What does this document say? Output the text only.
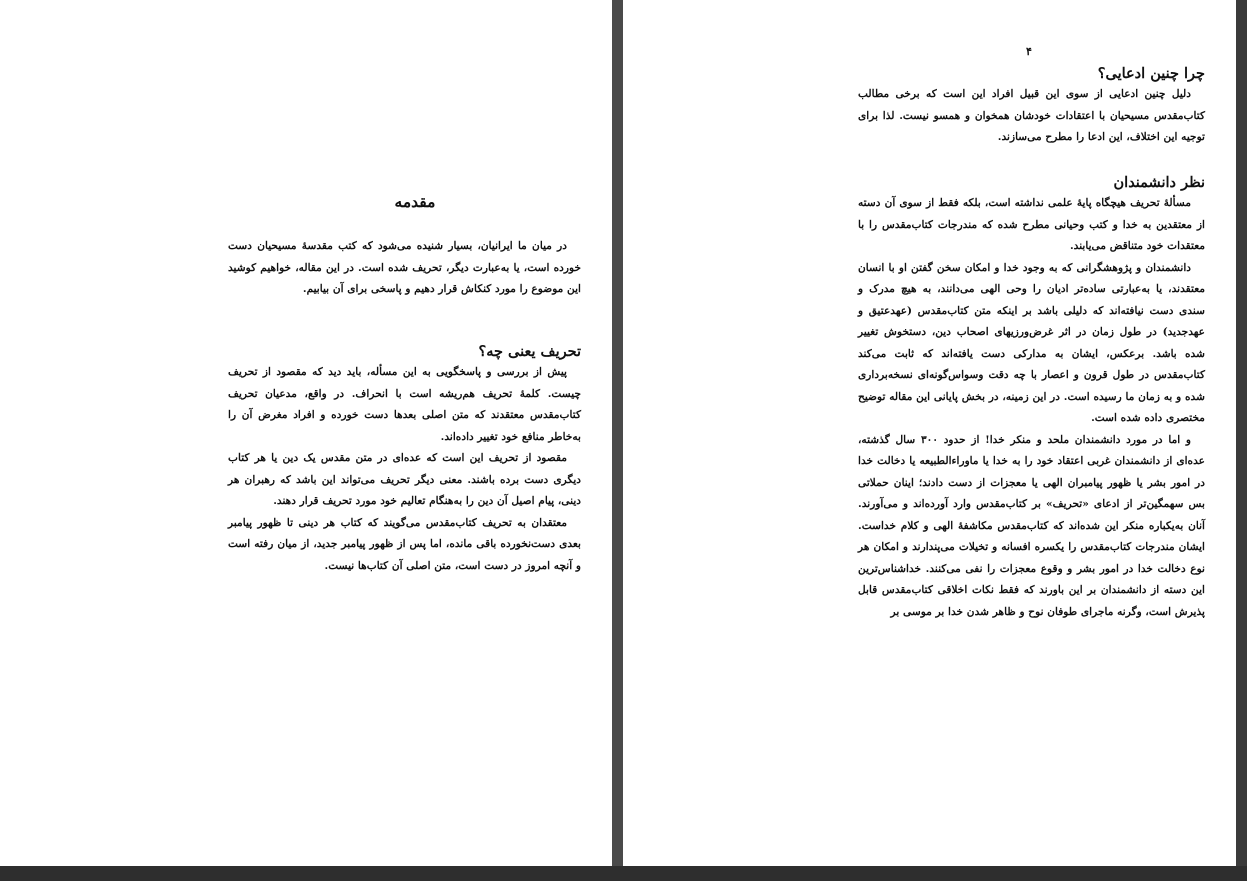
مقدمه

در میان ما ایرانیان، بسیار شنیده می‌شود که کتب مقدسهٔ مسیحیان دست خورده است، یا به‌عبارت دیگر، تحریف شده است. در این مقاله، خواهیم کوشید این موضوع را مورد کنکاش قرار دهیم و پاسخی برای آن بیابیم.

تحریف یعنی چه؟

پیش از بررسی و پاسخگویی به این مسأله، باید دید که مقصود از تحریف چیست. کلمهٔ تحریف هم‌ریشه است با انحراف. در واقع، مدعیان تحریف کتاب‌مقدس معتقدند که متن اصلی بعدها دست خورده و افراد مغرض آن را به‌خاطر منافع خود تغییر داده‌اند.

مقصود از تحریف این است که عده‌ای در متن مقدس یک دین یا هر کتاب دیگری دست برده باشند. معنی دیگر تحریف می‌تواند این باشد که رهبران هر دینی، پیام اصیل آن دین را به‌هنگام تعالیم خود مورد تحریف قرار دهند.

معتقدان به تحریف کتاب‌مقدس می‌گویند که کتاب هر دینی تا ظهور پیامبر بعدی دست‌نخورده باقی مانده، اما پس از ظهور پیامبر جدید، از میان رفته است و آنچه امروز در دست است، متن اصلی آن کتاب‌ها نیست.

۴
چرا چنین ادعایی؟

دلیل چنین ادعایی از سوی این قبیل افراد این است که برخی مطالب کتاب‌مقدس مسیحیان با اعتقادات خودشان همخوان و همسو نیست. لذا برای توجیه این اختلاف، این ادعا را مطرح می‌سازند.

نظر دانشمندان

مسألهٔ تحریف هیچگاه پایهٔ علمی نداشته است، بلکه فقط از سوی آن دسته از معتقدین به خدا و کتب وحیانی مطرح شده که مندرجات کتاب‌مقدس را با معتقدات خود متناقض می‌یابند.

دانشمندان و پژوهشگرانی که به وجود خدا و امکان سخن گفتن او با انسان معتقدند، یا به‌عبارتی ساده‌تر ادیان را وحی الهی می‌دانند، به هیچ مدرک و سندی دست نیافته‌اند که دلیلی باشد بر اینکه متن کتاب‌مقدس (عهدعتیق و عهدجدید) در طول زمان در اثر غرض‌ورزیهای اصحاب دین، دستخوش تغییر شده باشد. برعکس، ایشان به مدارکی دست یافته‌اند که ثابت می‌کند کتاب‌مقدس در طول قرون و اعصار با چه دقت وسواس‌گونه‌ای نسخه‌برداری شده و به زمان ما رسیده است. در این زمینه، در بخش پایانی این مقاله توضیح مختصری داده شده است.

و اما در مورد دانشمندان ملحد و منکر خدا! از حدود ۳۰۰ سال گذشته، عده‌ای از دانشمندان غربی اعتقاد خود را به خدا یا ماوراءالطبیعه یا دخالت خدا در امور بشر یا ظهور پیامبران الهی یا معجزات از دست دادند؛ اینان حملاتی بس سهمگین‌تر از ادعای «تحریف» بر کتاب‌مقدس وارد آورده‌اند و می‌آورند. آنان به‌یکباره منکر این شده‌اند که کتاب‌مقدس مکاشفهٔ الهی و کلام خداست. ایشان مندرجات کتاب‌مقدس را یکسره افسانه و تخیلات می‌پندارند و امکان هر نوع دخالت خدا در امور بشر و وقوع معجزات را نفی می‌کنند. خداشناس‌ترین این دسته از دانشمندان بر این باورند که فقط نکات اخلاقی کتاب‌مقدس قابل پذیرش است، وگرنه ماجرای طوفان نوح و ظاهر شدن خدا بر موسی بر
